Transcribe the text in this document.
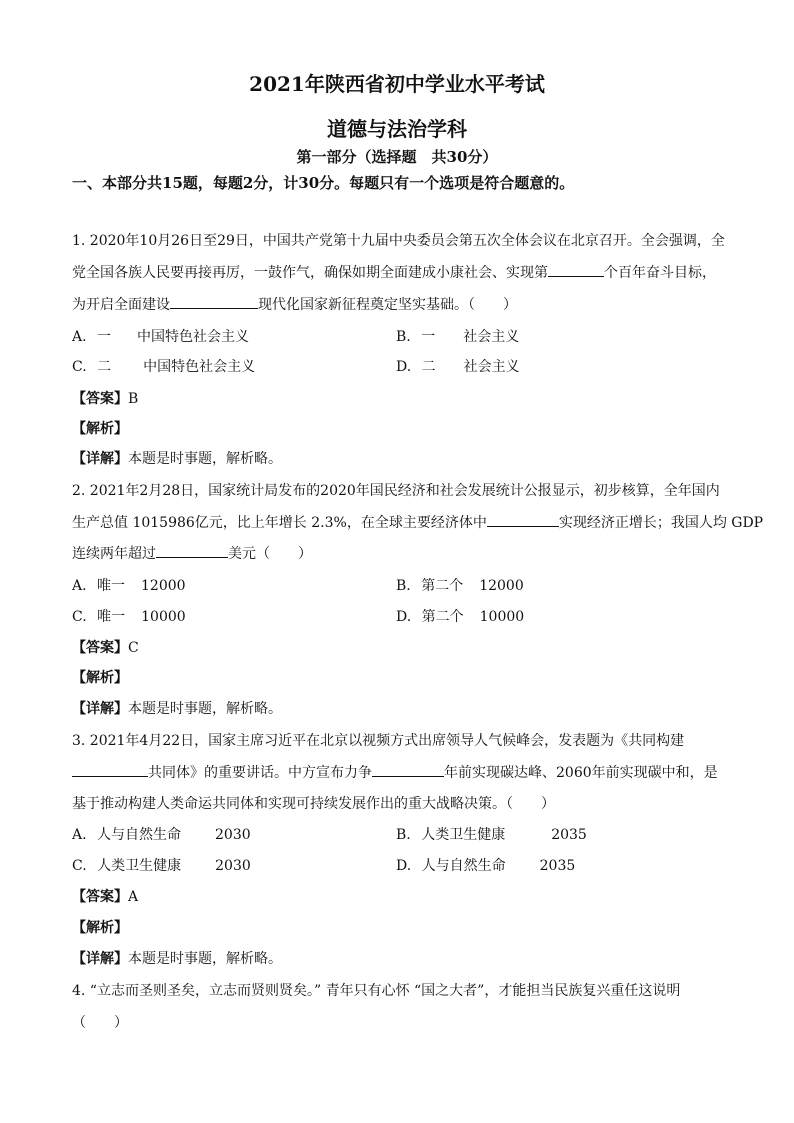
2021年陕西省初中学业水平考试
道德与法治学科
第一部分（选择题　共30分）
一、本部分共15题，每题2分，计30分。每题只有一个选项是符合题意的。
1. 2020年10月26日至29日，中国共产党第十九届中央委员会第五次全体会议在北京召开。全会强调，全
党全国各族人民要再接再厉，一鼓作气，确保如期全面建成小康社会、实现第	个百年奋斗目标，
为开启全面建设	现代化国家新征程奠定坚实基础。（　　）
A. 一 中国特色社会主义	B. 一 社会主义
C. 二 中国特色社会主义	D. 二 社会主义
【答案】B
【解析】
【详解】本题是时事题，解析略。
2. 2021年2月28日，国家统计局发布的2020年国民经济和社会发展统计公报显示，初步核算，全年国内
生产总值 1015986亿元，比上年增长 2.3%，在全球主要经济体中	实现经济正增长；我国人均 GDP
连续两年超过	美元（　　）
A. 唯一 12000	B. 第二个 12000
C. 唯一 10000	D. 第二个 10000
【答案】C
【解析】
【详解】本题是时事题，解析略。
3. 2021年4月22日，国家主席习近平在北京以视频方式出席领导人气候峰会，发表题为《共同构建
共同体》的重要讲话。中方宣布力争	年前实现碳达峰、2060年前实现碳中和，是
基于推动构建人类命运共同体和实现可持续发展作出的重大战略决策。（　　）
A. 人与自然生命 2030	B. 人类卫生健康	2035
C. 人类卫生健康 2030	D. 人与自然生命 2035
【答案】A
【解析】
【详解】本题是时事题，解析略。
4. “立志而圣则圣矣，立志而贤则贤矣。” 青年只有心怀 “国之大者”，才能担当民族复兴重任这说明
（　　）
